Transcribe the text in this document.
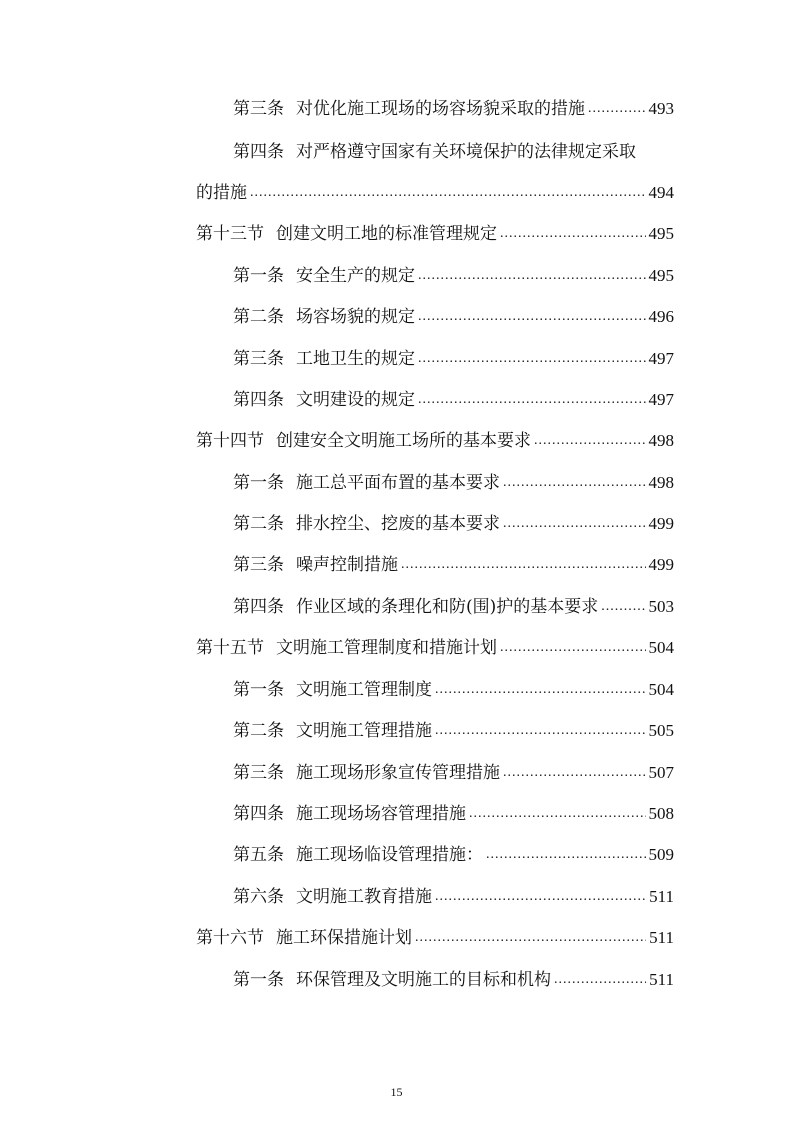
第三条 对优化施工现场的场容场貌采取的措施 .....	493
第四条 对严格遵守国家有关环境保护的法律规定采取
的措施 .....	494
第十三节 创建文明工地的标准管理规定 .....	495
第一条 安全生产的规定 .....	495
第二条 场容场貌的规定 .....	496
第三条 工地卫生的规定 .....	497
第四条 文明建设的规定 .....	497
第十四节 创建安全文明施工场所的基本要求 .....	498
第一条 施工总平面布置的基本要求 .....	498
第二条 排水控尘、挖废的基本要求 .....	499
第三条 噪声控制措施 .....	499
第四条 作业区域的条理化和防(围)护的基本要求 .....	503
第十五节 文明施工管理制度和措施计划 .....	504
第一条 文明施工管理制度 .....	504
第二条 文明施工管理措施 .....	505
第三条 施工现场形象宣传管理措施 .....	507
第四条 施工现场场容管理措施 .....	508
第五条 施工现场临设管理措施： .....	509
第六条 文明施工教育措施 .....	511
第十六节 施工环保措施计划 .....	511
第一条 环保管理及文明施工的目标和机构 .....	511
15
